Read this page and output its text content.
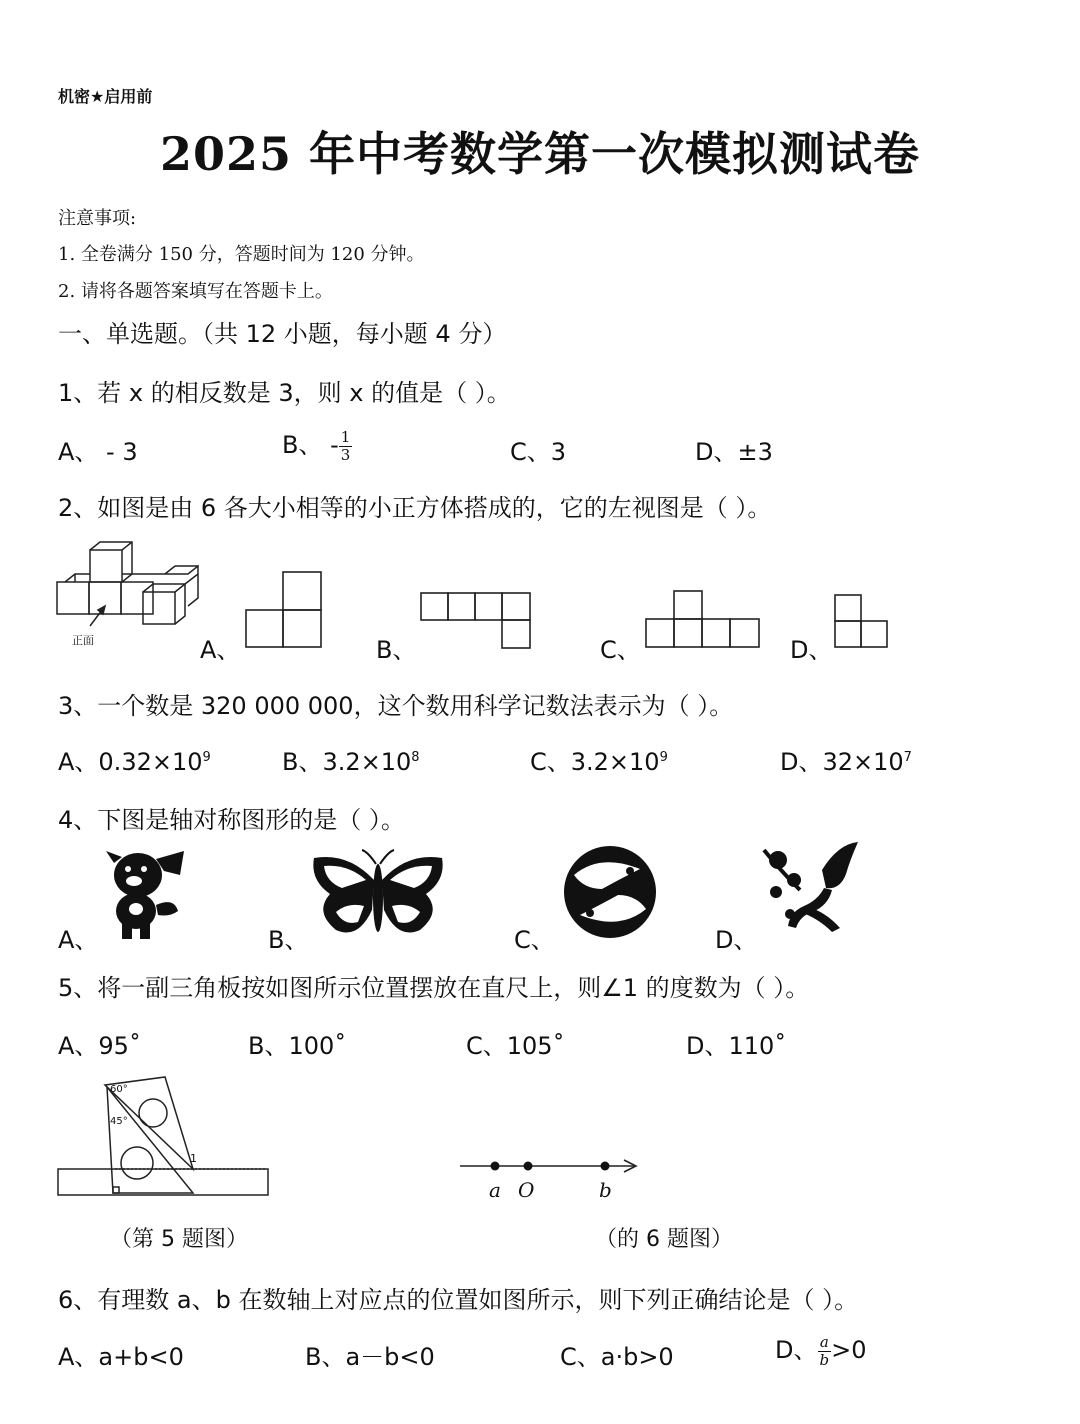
机密★启用前
2025 年中考数学第一次模拟测试卷
注意事项:
1. 全卷满分 150 分，答题时间为 120 分钟。
2. 请将各题答案填写在答题卡上。
一、单选题。（共 12 小题，每小题 4 分）
1、若 x 的相反数是 3，则 x 的值是（ ）。
A、 - 3	B、 - $\frac{1}{3}$	C、3	D、±3
2、如图是由 6 各大小相等的小正方体搭成的，它的左视图是（ ）。
正面	A、	B、	C、	D、
3、一个数是 320 000 000，这个数用科学记数法表示为（ ）。
A、$0.32\times 10^9$	B、$3.2\times 10^8$	C、$3.2\times 10^9$	D、$32\times 10^7$
4、下图是轴对称图形的是（ ）。
A、	B、	C、	D、
5、将一副三角板按如图所示位置摆放在直尺上，则∠1 的度数为（ ）。
A、95˚	B、100˚	C、105˚	D、110˚
60°
45°
1
（第 5 题图）
a O	b
（的 6 题图）
6、有理数 a、b 在数轴上对应点的位置如图所示，则下列正确结论是（ ）。
A、a+b<0	B、a－b<0	C、a·b>0	D、 $\frac{a}{b} >0$
